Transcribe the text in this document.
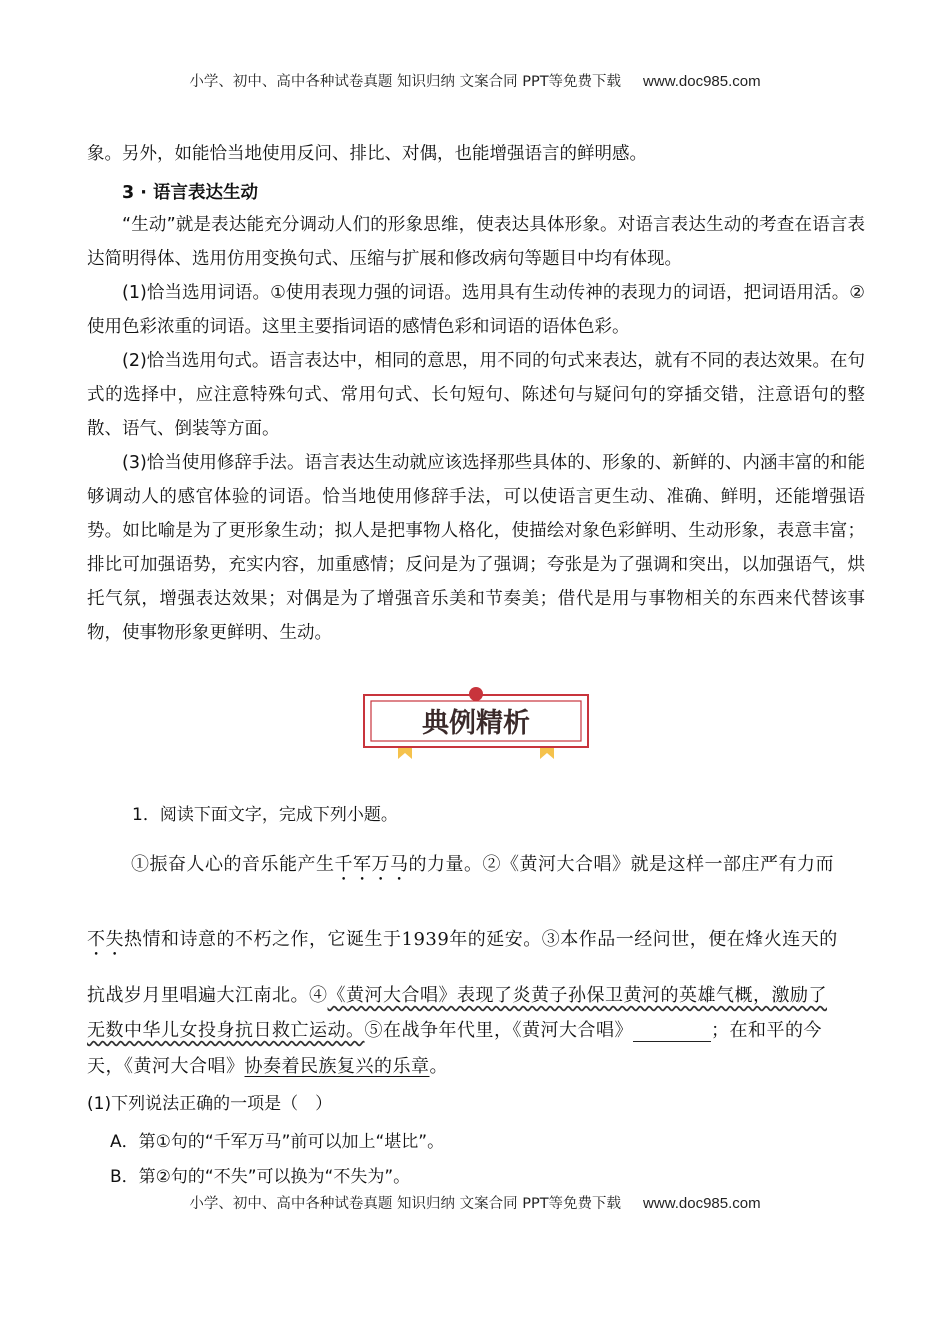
小学、初中、高中各种试卷真题 知识归纳 文案合同 PPT等免费下载 www.doc985.com
象。另外，如能恰当地使用反问、排比、对偶，也能增强语言的鲜明感。
3 · 语言表达生动
“生动”就是表达能充分调动人们的形象思维，使表达具体形象。对语言表达生动的考查在语言表达简明得体、选用仿用变换句式、压缩与扩展和修改病句等题目中均有体现。
(1)恰当选用词语。①使用表现力强的词语。选用具有生动传神的表现力的词语，把词语用活。②使用色彩浓重的词语。这里主要指词语的感情色彩和词语的语体色彩。
(2)恰当选用句式。语言表达中，相同的意思，用不同的句式来表达，就有不同的表达效果。在句式的选择中，应注意特殊句式、常用句式、长句短句、陈述句与疑问句的穿插交错，注意语句的整散、语气、倒装等方面。
(3)恰当使用修辞手法。语言表达生动就应该选择那些具体的、形象的、新鲜的、内涵丰富的和能够调动人的感官体验的词语。恰当地使用修辞手法，可以使语言更生动、准确、鲜明，还能增强语势。如比喻是为了更形象生动；拟人是把事物人格化，使描绘对象色彩鲜明、生动形象，表意丰富；排比可加强语势，充实内容，加重感情；反问是为了强调；夸张是为了强调和突出，以加强语气，烘托气氛，增强表达效果；对偶是为了增强音乐美和节奏美；借代是用与事物相关的东西来代替该事物，使事物形象更鲜明、生动。
典例精析
1．阅读下面文字，完成下列小题。
①振奋人心的音乐能产生千军万马的力量。②《黄河大合唱》就是这样一部庄严有力而
不失热情和诗意的不朽之作，它诞生于1939年的延安。③本作品一经问世，便在烽火连天的
抗战岁月里唱遍大江南北。④《黄河大合唱》表现了炎黄子孙保卫黄河的英雄气概，激励了
无数中华儿女投身抗日救亡运动。⑤在战争年代里，《黄河大合唱》	；在和平的今
天，《黄河大合唱》协奏着民族复兴的乐章。
(1)下列说法正确的一项是（　）
A．第①句的“千军万马”前可以加上“堪比”。
B．第②句的“不失”可以换为“不失为”。
小学、初中、高中各种试卷真题 知识归纳 文案合同 PPT等免费下载 www.doc985.com
